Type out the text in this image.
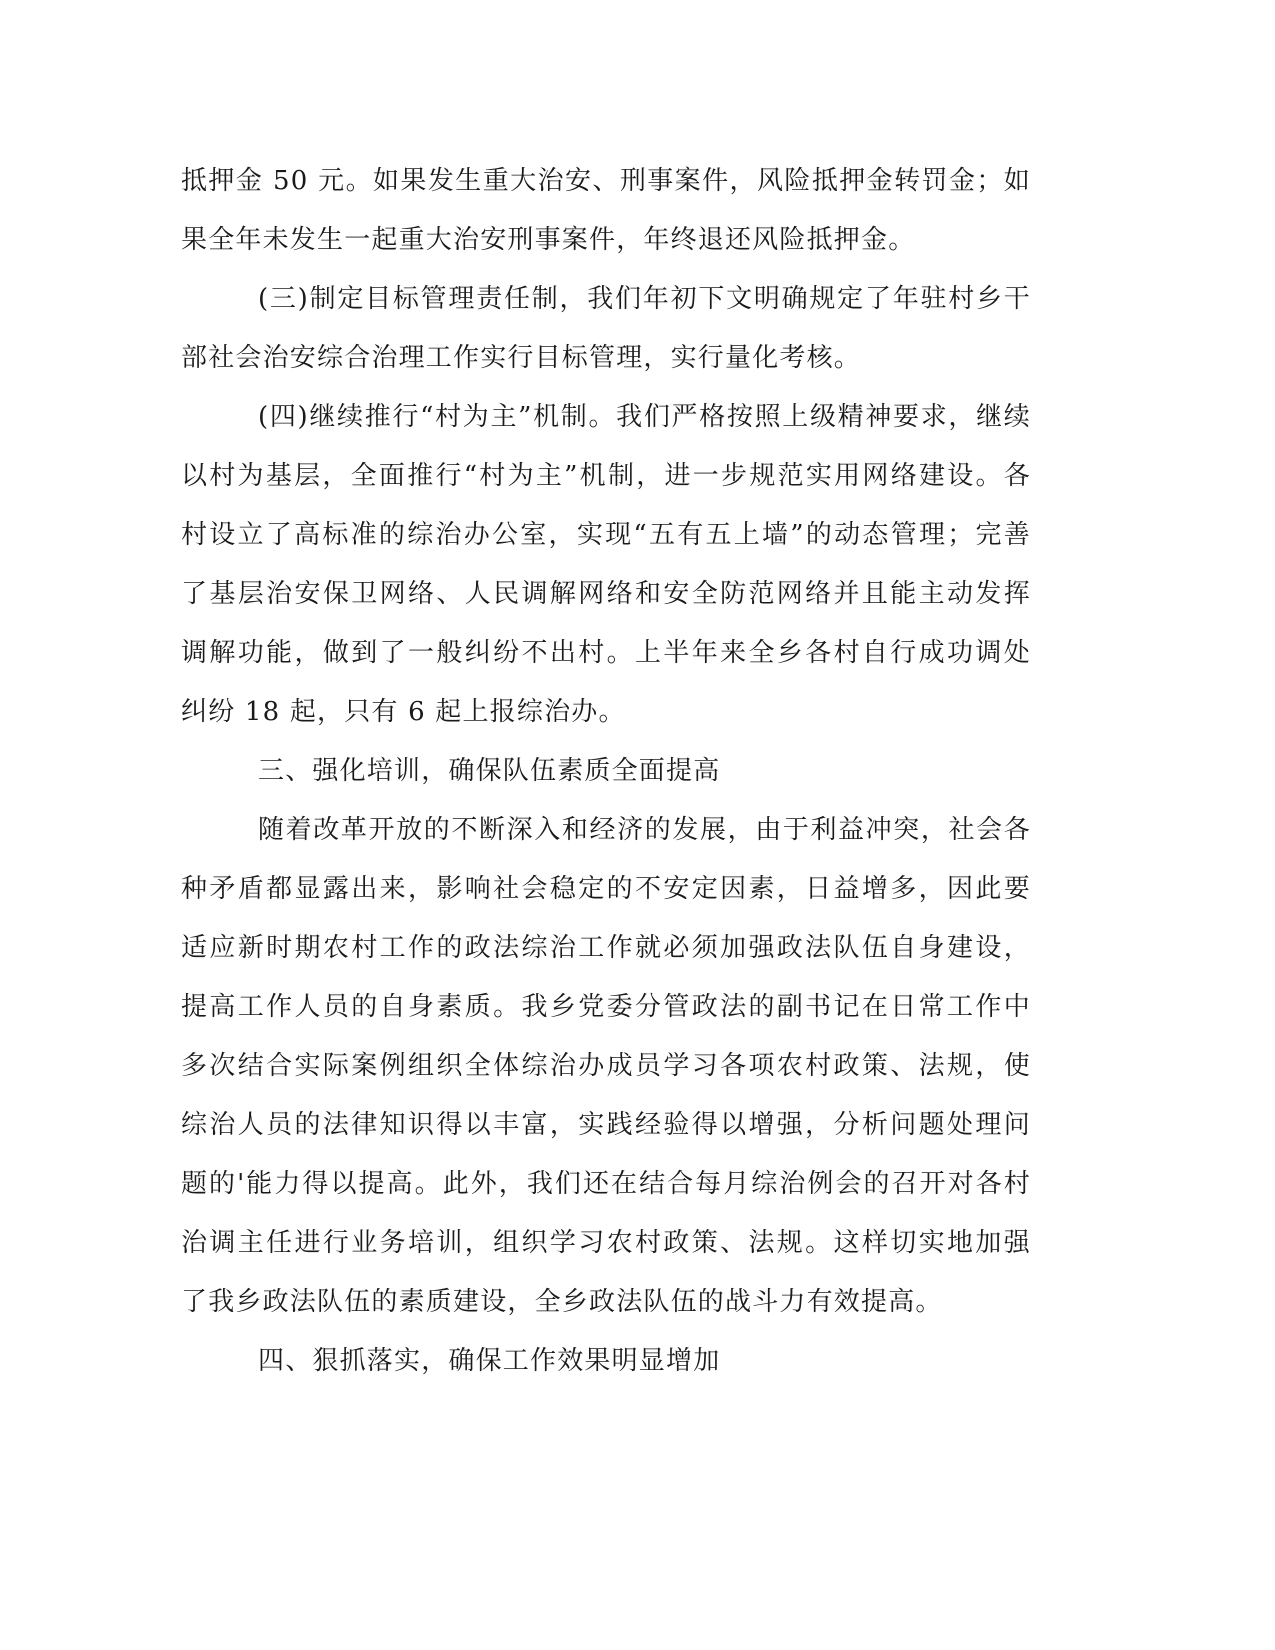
抵押金 50 元。如果发生重大治安、刑事案件，风险抵押金转罚金；如
果全年未发生一起重大治安刑事案件，年终退还风险抵押金。
(三)制定目标管理责任制，我们年初下文明确规定了年驻村乡干
部社会治安综合治理工作实行目标管理，实行量化考核。
(四)继续推行“村为主”机制。我们严格按照上级精神要求，继续
以村为基层，全面推行“村为主”机制，进一步规范实用网络建设。各
村设立了高标准的综治办公室，实现“五有五上墙”的动态管理；完善
了基层治安保卫网络、人民调解网络和安全防范网络并且能主动发挥
调解功能，做到了一般纠纷不出村。上半年来全乡各村自行成功调处
纠纷 18 起，只有 6 起上报综治办。
三、强化培训，确保队伍素质全面提高
随着改革开放的不断深入和经济的发展，由于利益冲突，社会各
种矛盾都显露出来，影响社会稳定的不安定因素，日益增多，因此要
适应新时期农村工作的政法综治工作就必须加强政法队伍自身建设，
提高工作人员的自身素质。我乡党委分管政法的副书记在日常工作中
多次结合实际案例组织全体综治办成员学习各项农村政策、法规，使
综治人员的法律知识得以丰富，实践经验得以增强，分析问题处理问
题的'能力得以提高。此外，我们还在结合每月综治例会的召开对各村
治调主任进行业务培训，组织学习农村政策、法规。这样切实地加强
了我乡政法队伍的素质建设，全乡政法队伍的战斗力有效提高。
四、狠抓落实，确保工作效果明显增加
